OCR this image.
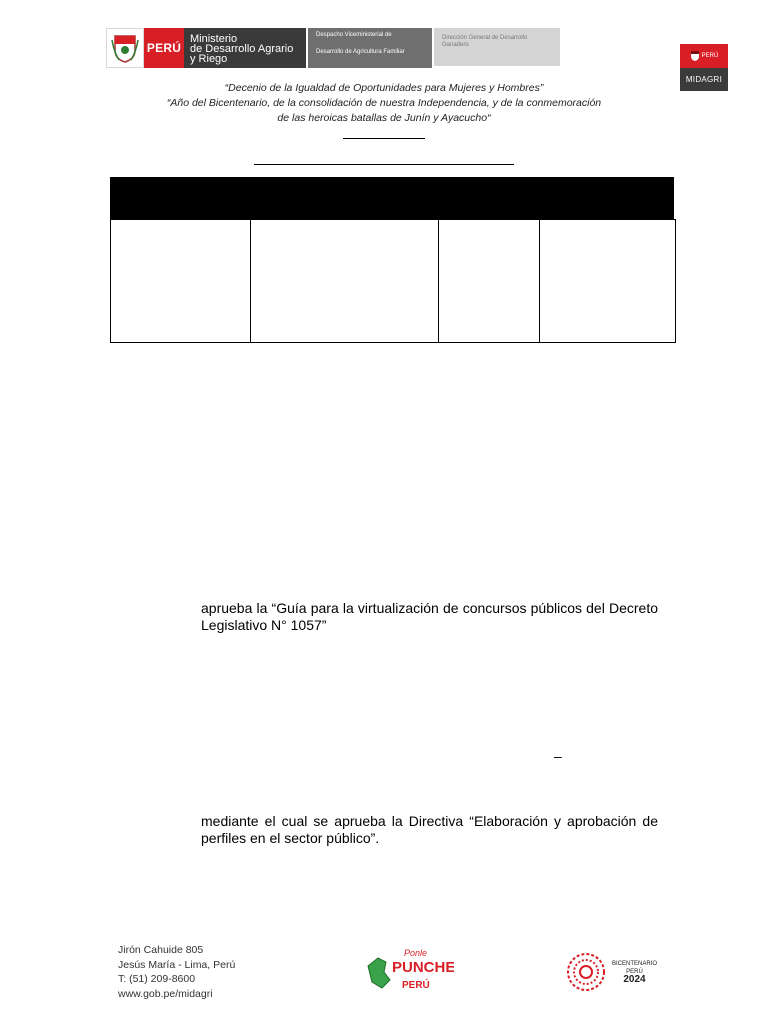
PERÚ
Ministerio
de Desarrollo Agrario
y Riego
Despacho Viceministerial de
Desarrollo de Agricultura Familiar
Dirección General de Desarrollo
Ganadero
PERÚ
MIDAGRI
“Decenio de la Igualdad de Oportunidades para Mujeres y Hombres”
“Año del Bicentenario, de la consolidación de nuestra Independencia, y de la conmemoración
de las heroicas batallas de Junín y Ayacucho“
aprueba la “Guía para la virtualización de concursos públicos del Decreto Legislativo N° 1057”
–
mediante el cual se aprueba la Directiva “Elaboración y aprobación de perfiles en el sector público”.
Jirón Cahuide 805
Jesús María - Lima, Perú
T: (51) 209-8600
www.gob.pe/midagri
Ponle
PUNCHE
PERÚ
BICENTENARIO
PERÚ
2024
